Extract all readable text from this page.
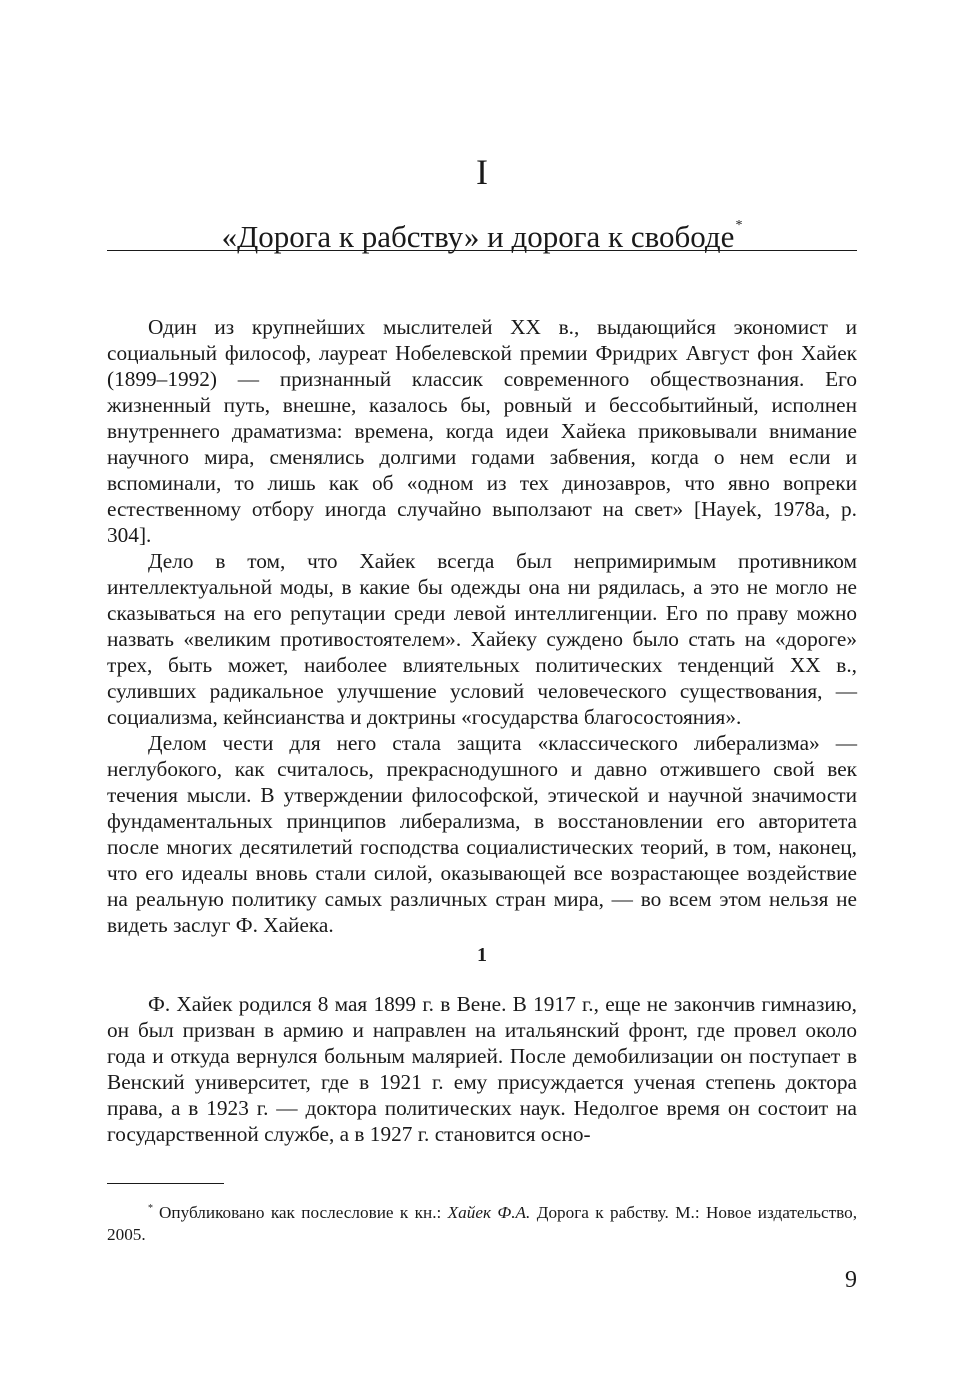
I
«Дорога к рабству» и дорога к свободе*

Один из крупнейших мыслителей XX в., выдающийся экономист и социальный философ, лауреат Нобелевской премии Фридрих Август фон Хайек (1899–1992) — признанный классик современного обществознания. Его жизненный путь, внешне, казалось бы, ровный и бессобытийный, исполнен внутреннего драматизма: времена, когда идеи Хайека приковывали внимание научного мира, сменялись долгими годами забвения, когда о нем если и вспоминали, то лишь как об «одном из тех динозавров, что явно вопреки естественному отбору иногда случайно выползают на свет» [Hayek, 1978а, p. 304].

Дело в том, что Хайек всегда был непримиримым противником интеллектуальной моды, в какие бы одежды она ни рядилась, а это не могло не сказываться на его репутации среди левой интеллигенции. Его по праву можно назвать «великим противостоятелем». Хайеку суждено было стать на «дороге» трех, быть может, наиболее влиятельных политических тенденций XX в., суливших радикальное улучшение условий человеческого существования, — социализма, кейнсианства и доктрины «государства благосостояния».

Делом чести для него стала защита «классического либерализма» — неглубокого, как считалось, прекраснодушного и давно отжившего свой век течения мысли. В утверждении философской, этической и научной значимости фундаментальных принципов либерализма, в восстановлении его авторитета после многих десятилетий господства социалистических теорий, в том, наконец, что его идеалы вновь стали силой, оказывающей все возрастающее воздействие на реальную политику самых различных стран мира, — во всем этом нельзя не видеть заслуг Ф. Хайека.

1

Ф. Хайек родился 8 мая 1899 г. в Вене. В 1917 г., еще не закончив гимназию, он был призван в армию и направлен на итальянский фронт, где провел около года и откуда вернулся больным малярией. После демобилизации он поступает в Венский университет, где в 1921 г. ему присуждается ученая степень доктора права, а в 1923 г. — доктора политических наук. Недолгое время он состоит на государственной службе, а в 1927 г. становится осно-

* Опубликовано как послесловие к кн.: Хайек Ф.А. Дорога к рабству. М.: Новое издательство, 2005.

9
